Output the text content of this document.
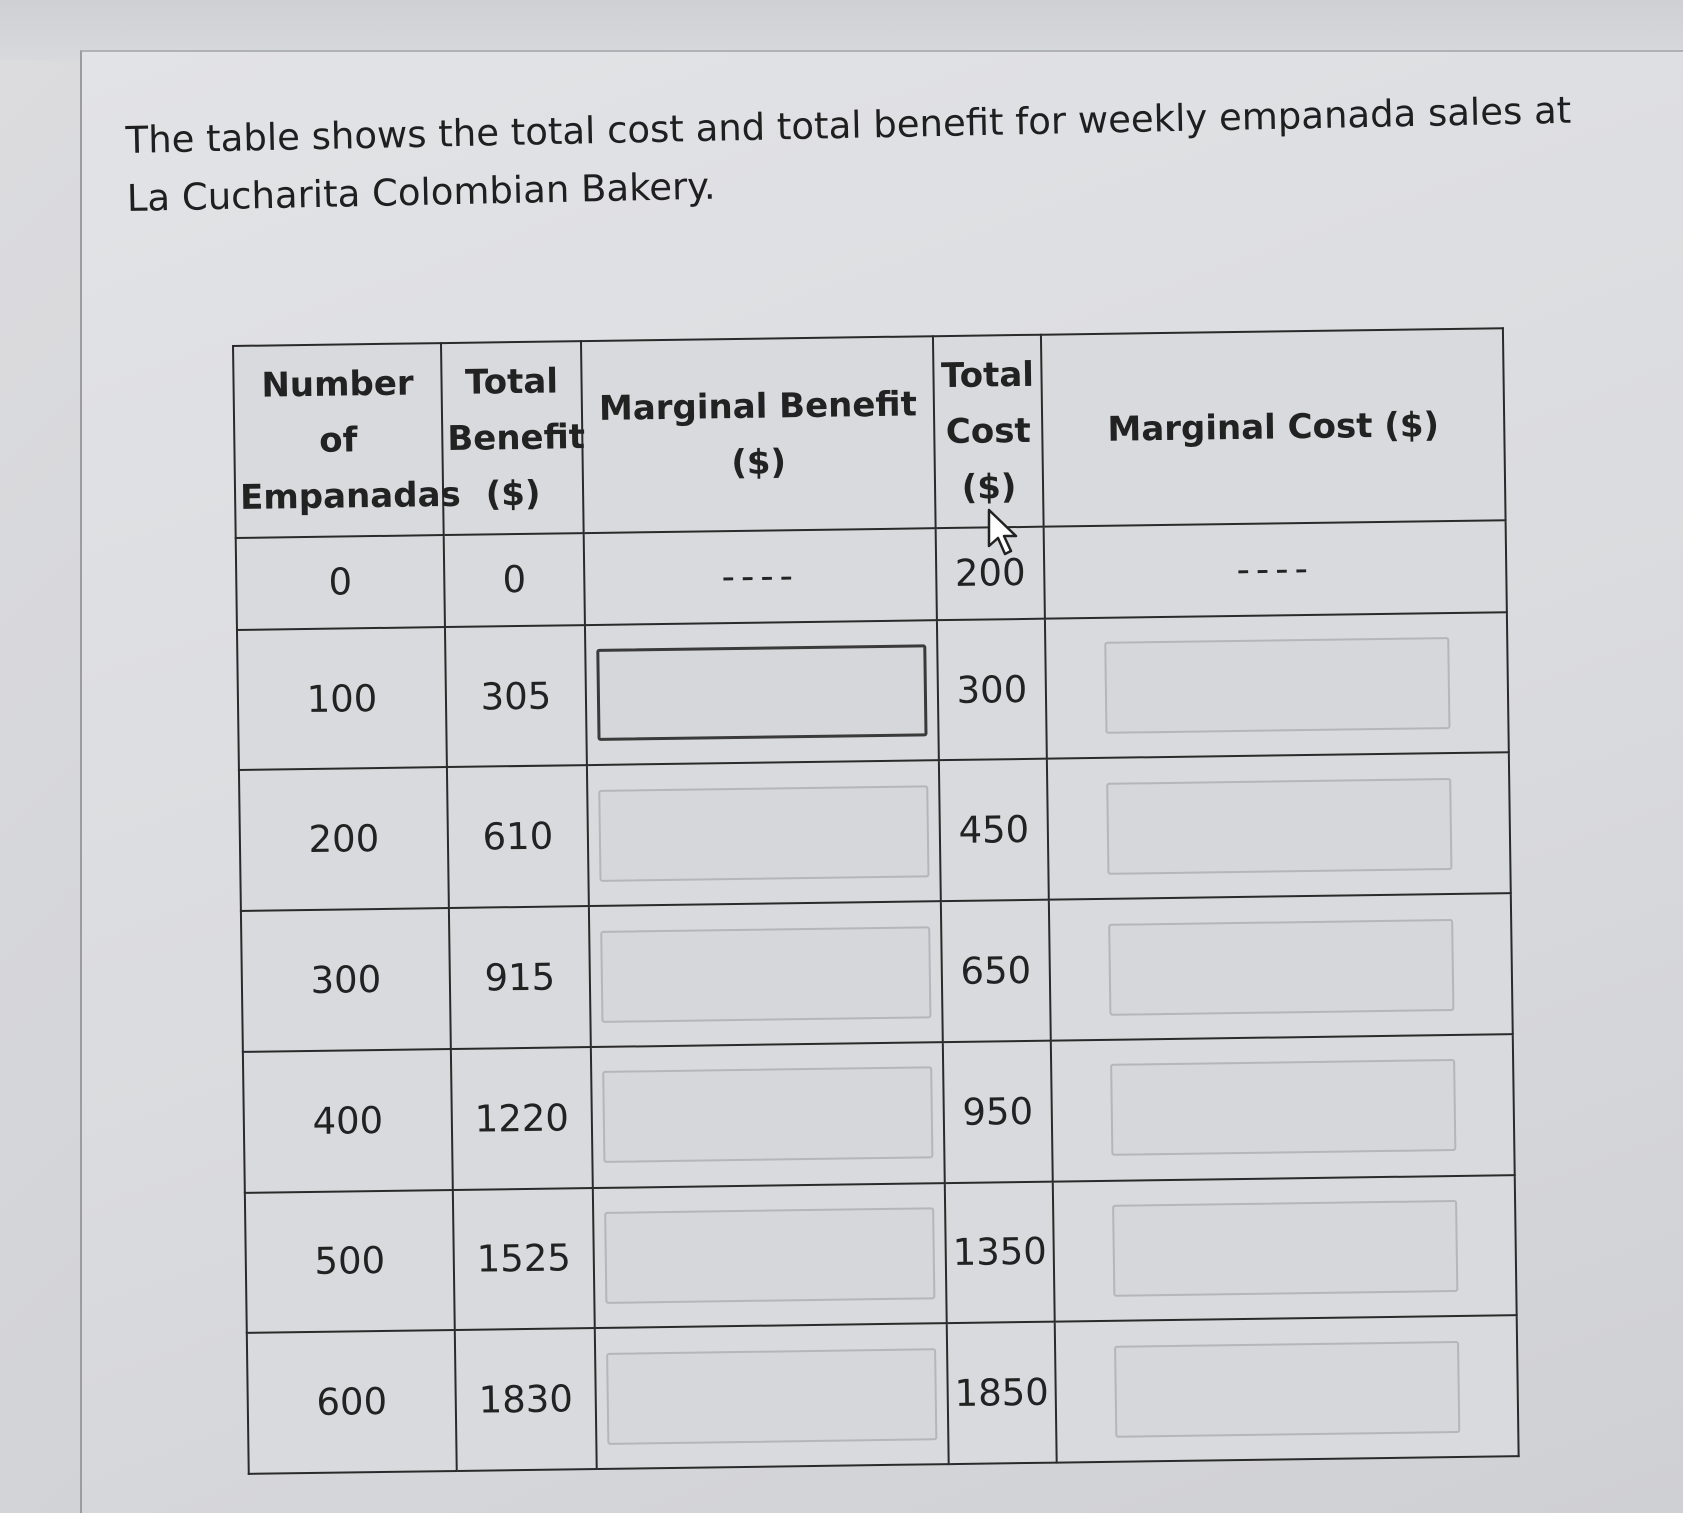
The table shows the total cost and total benefit for weekly empanada sales at La Cucharita Colombian Bakery.
Number of Empanadas	Total Benefit ($)	Marginal Benefit ($)	Total Cost ($)	Marginal Cost ($)
0	0	----	200	----
100	305		300	

200	610		450	

300	915		650	

400	1220		950	

500	1525		1350	

600	1830		1850	
